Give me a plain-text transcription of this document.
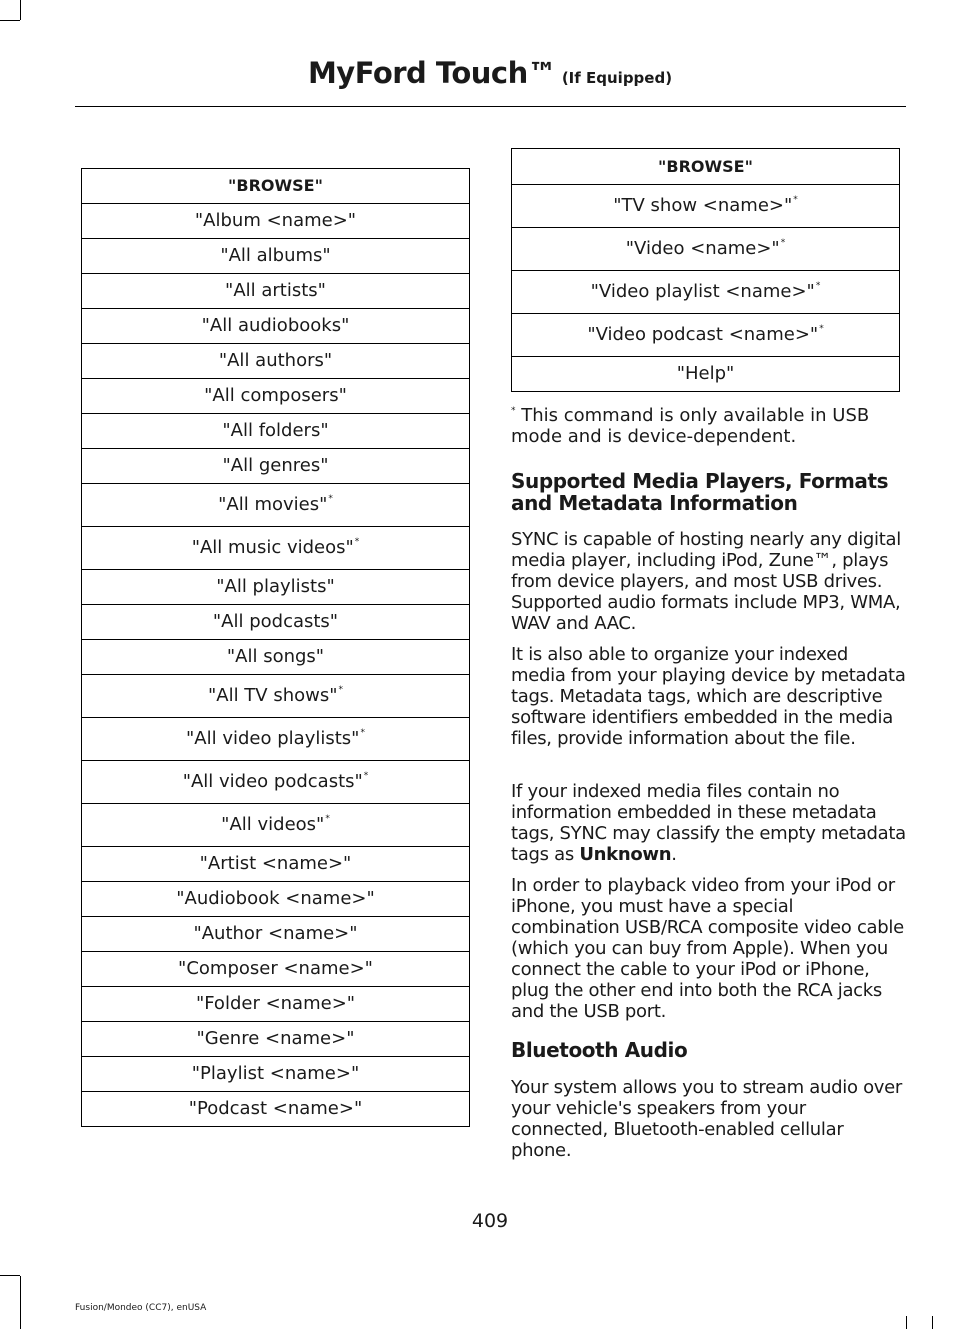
MyFord Touch™ (If Equipped)
"BROWSE"
"Album <name>"
"All albums"
"All artists"
"All audiobooks"
"All authors"
"All composers"
"All folders"
"All genres"
"All movies"*
"All music videos"*
"All playlists"
"All podcasts"
"All songs"
"All TV shows"*
"All video playlists"*
"All video podcasts"*
"All videos"*
"Artist <name>"
"Audiobook <name>"
"Author <name>"
"Composer <name>"
"Folder <name>"
"Genre <name>"
"Playlist <name>"
"Podcast <name>"
"BROWSE"
"TV show <name>"*
"Video <name>"*
"Video playlist <name>"*
"Video podcast <name>"*
"Help"
* This command is only available in USB mode and is device-dependent.
Supported Media Players, Formats and Metadata Information
SYNC is capable of hosting nearly any digital media player, including iPod, Zune™, plays from device players, and most USB drives. Supported audio formats include MP3, WMA, WAV and AAC.
It is also able to organize your indexed media from your playing device by metadata tags. Metadata tags, which are descriptive software identifiers embedded in the media files, provide information about the file.
If your indexed media files contain no information embedded in these metadata tags, SYNC may classify the empty metadata tags as Unknown.
In order to playback video from your iPod or iPhone, you must have a special combination USB/RCA composite video cable (which you can buy from Apple). When you connect the cable to your iPod or iPhone, plug the other end into both the RCA jacks and the USB port.
Bluetooth Audio
Your system allows you to stream audio over your vehicle's speakers from your connected, Bluetooth-enabled cellular phone.
409
Fusion/Mondeo (CC7), enUSA
